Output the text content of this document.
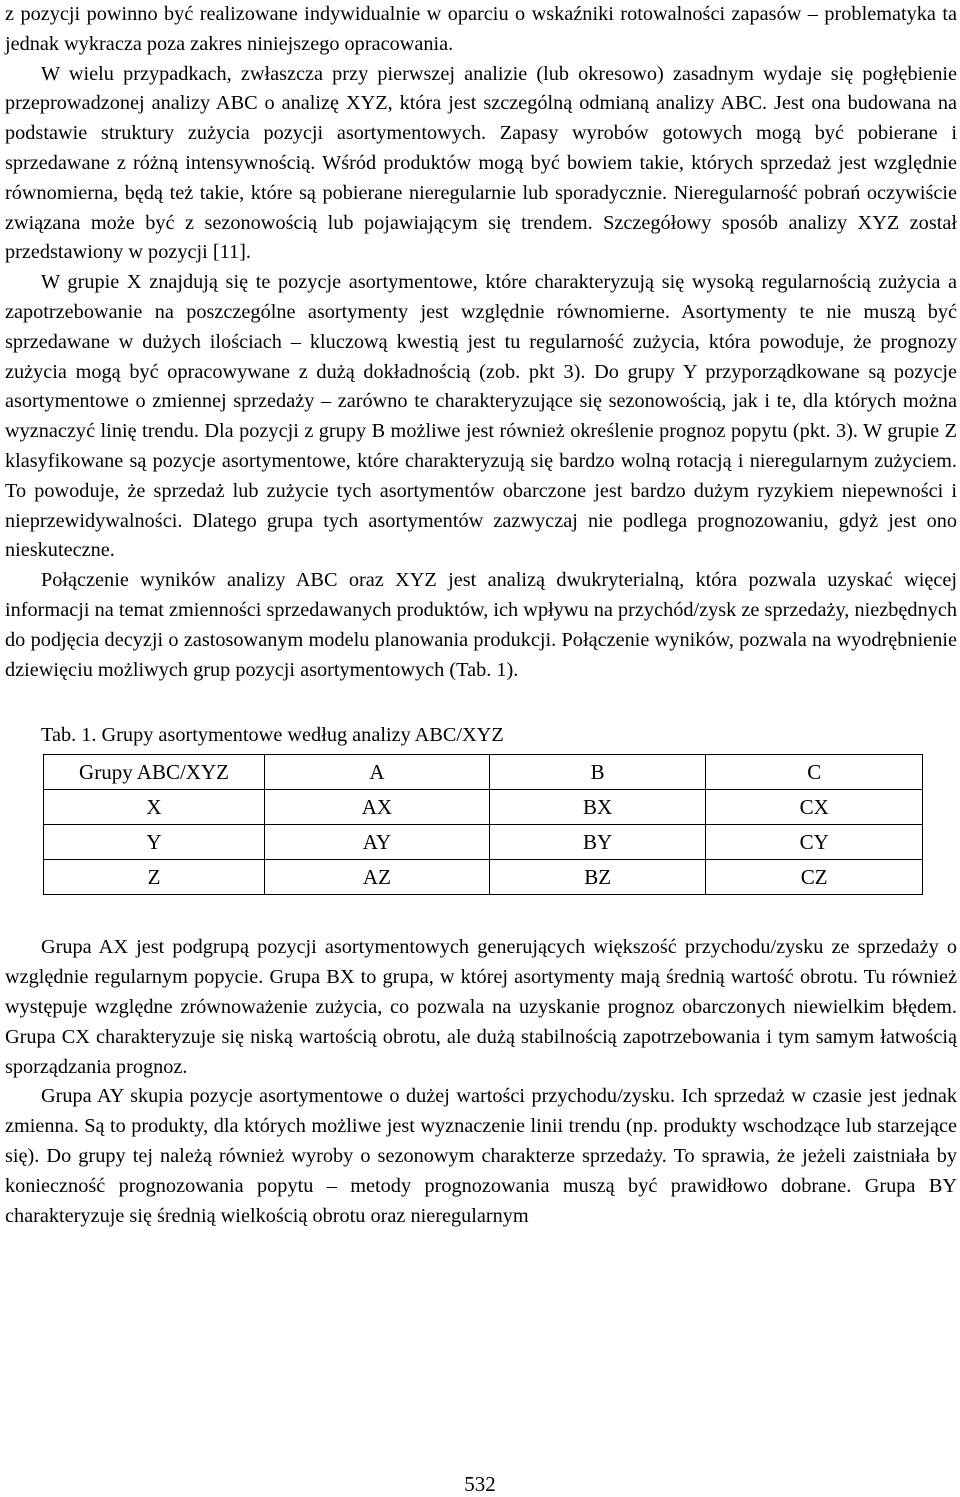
z pozycji powinno być realizowane indywidualnie w oparciu o wskaźniki rotowalności zapasów – problematyka ta jednak wykracza poza zakres niniejszego opracowania.

W wielu przypadkach, zwłaszcza przy pierwszej analizie (lub okresowo) zasadnym wydaje się pogłębienie przeprowadzonej analizy ABC o analizę XYZ, która jest szczególną odmianą analizy ABC. Jest ona budowana na podstawie struktury zużycia pozycji asortymentowych. Zapasy wyrobów gotowych mogą być pobierane i sprzedawane z różną intensywnością. Wśród produktów mogą być bowiem takie, których sprzedaż jest względnie równomierna, będą też takie, które są pobierane nieregularnie lub sporadycznie. Nieregularność pobrań oczywiście związana może być z sezonowością lub pojawiającym się trendem. Szczegółowy sposób analizy XYZ został przedstawiony w pozycji [11].

W grupie X znajdują się te pozycje asortymentowe, które charakteryzują się wysoką regularnością zużycia a zapotrzebowanie na poszczególne asortymenty jest względnie równomierne. Asortymenty te nie muszą być sprzedawane w dużych ilościach – kluczową kwestią jest tu regularność zużycia, która powoduje, że prognozy zużycia mogą być opracowywane z dużą dokładnością (zob. pkt 3). Do grupy Y przyporządkowane są pozycje asortymentowe o zmiennej sprzedaży – zarówno te charakteryzujące się sezonowością, jak i te, dla których można wyznaczyć linię trendu. Dla pozycji z grupy B możliwe jest również określenie prognoz popytu (pkt. 3). W grupie Z klasyfikowane są pozycje asortymentowe, które charakteryzują się bardzo wolną rotacją i nieregularnym zużyciem. To powoduje, że sprzedaż lub zużycie tych asortymentów obarczone jest bardzo dużym ryzykiem niepewności i nieprzewidywalności. Dlatego grupa tych asortymentów zazwyczaj nie podlega prognozowaniu, gdyż jest ono nieskuteczne.

Połączenie wyników analizy ABC oraz XYZ jest analizą dwukryterialną, która pozwala uzyskać więcej informacji na temat zmienności sprzedawanych produktów, ich wpływu na przychód/zysk ze sprzedaży, niezbędnych do podjęcia decyzji o zastosowanym modelu planowania produkcji. Połączenie wyników, pozwala na wyodrębnienie dziewięciu możliwych grup pozycji asortymentowych (Tab. 1).

Tab. 1. Grupy asortymentowe według analizy ABC/XYZ
Grupy ABC/XYZ	A	B	C
X	AX	BX	CX
Y	AY	BY	CY
Z	AZ	BZ	CZ

Grupa AX jest podgrupą pozycji asortymentowych generujących większość przychodu/zysku ze sprzedaży o względnie regularnym popycie. Grupa BX to grupa, w której asortymenty mają średnią wartość obrotu. Tu również występuje względne zrównoważenie zużycia, co pozwala na uzyskanie prognoz obarczonych niewielkim błędem. Grupa CX charakteryzuje się niską wartością obrotu, ale dużą stabilnością zapotrzebowania i tym samym łatwością sporządzania prognoz.

Grupa AY skupia pozycje asortymentowe o dużej wartości przychodu/zysku. Ich sprzedaż w czasie jest jednak zmienna. Są to produkty, dla których możliwe jest wyznaczenie linii trendu (np. produkty wschodzące lub starzejące się). Do grupy tej należą również wyroby o sezonowym charakterze sprzedaży. To sprawia, że jeżeli zaistniała by konieczność prognozowania popytu – metody prognozowania muszą być prawidłowo dobrane. Grupa BY charakteryzuje się średnią wielkością obrotu oraz nieregularnym

532
